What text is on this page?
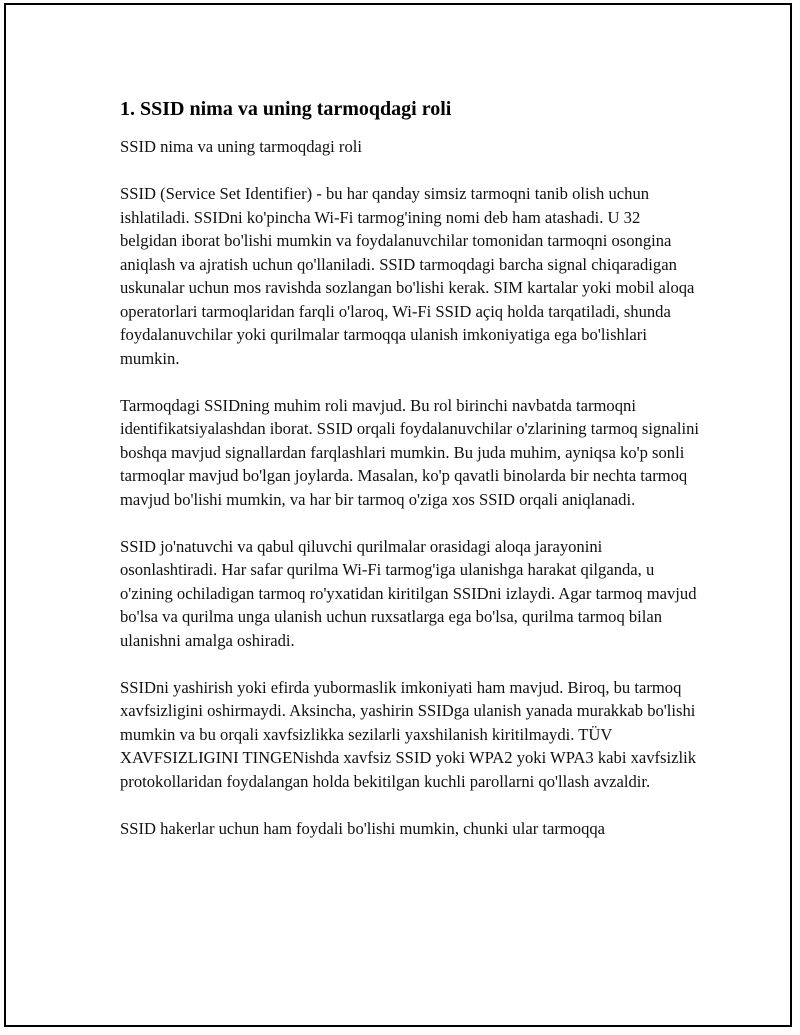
1. SSID nima va uning tarmoqdagi roli

SSID nima va uning tarmoqdagi roli

SSID (Service Set Identifier) - bu har qanday simsiz tarmoqni tanib olish uchun ishlatiladi. SSIDni ko'pincha Wi-Fi tarmog'ining nomi deb ham atashadi. U 32 belgidan iborat bo'lishi mumkin va foydalanuvchilar tomonidan tarmoqni osongina aniqlash va ajratish uchun qo'llaniladi. SSID tarmoqdagi barcha signal chiqaradigan uskunalar uchun mos ravishda sozlangan bo'lishi kerak. SIM kartalar yoki mobil aloqa operatorlari tarmoqlaridan farqli o'laroq, Wi-Fi SSID açiq holda tarqatiladi, shunda foydalanuvchilar yoki qurilmalar tarmoqqa ulanish imkoniyatiga ega bo'lishlari mumkin.

Tarmoqdagi SSIDning muhim roli mavjud. Bu rol birinchi navbatda tarmoqni identifikatsiyalashdan iborat. SSID orqali foydalanuvchilar o'zlarining tarmoq signalini boshqa mavjud signallardan farqlashlari mumkin. Bu juda muhim, ayniqsa ko'p sonli tarmoqlar mavjud bo'lgan joylarda. Masalan, ko'p qavatli binolarda bir nechta tarmoq mavjud bo'lishi mumkin, va har bir tarmoq o'ziga xos SSID orqali aniqlanadi.

SSID jo'natuvchi va qabul qiluvchi qurilmalar orasidagi aloqa jarayonini osonlashtiradi. Har safar qurilma Wi-Fi tarmog'iga ulanishga harakat qilganda, u o'zining ochiladigan tarmoq ro'yxatidan kiritilgan SSIDni izlaydi. Agar tarmoq mavjud bo'lsa va qurilma unga ulanish uchun ruxsatlarga ega bo'lsa, qurilma tarmoq bilan ulanishni amalga oshiradi.

SSIDni yashirish yoki efirda yubormaslik imkoniyati ham mavjud. Biroq, bu tarmoq xavfsizligini oshirmaydi. Aksincha, yashirin SSIDga ulanish yanada murakkab bo'lishi mumkin va bu orqali xavfsizlikka sezilarli yaxshilanish kiritilmaydi. TÜV XAVFSIZLIGINI TINGENishda xavfsiz SSID yoki WPA2 yoki WPA3 kabi xavfsizlik protokollaridan foydalangan holda bekitilgan kuchli parollarni qo'llash avzaldir.

SSID hakerlar uchun ham foydali bo'lishi mumkin, chunki ular tarmoqqa
